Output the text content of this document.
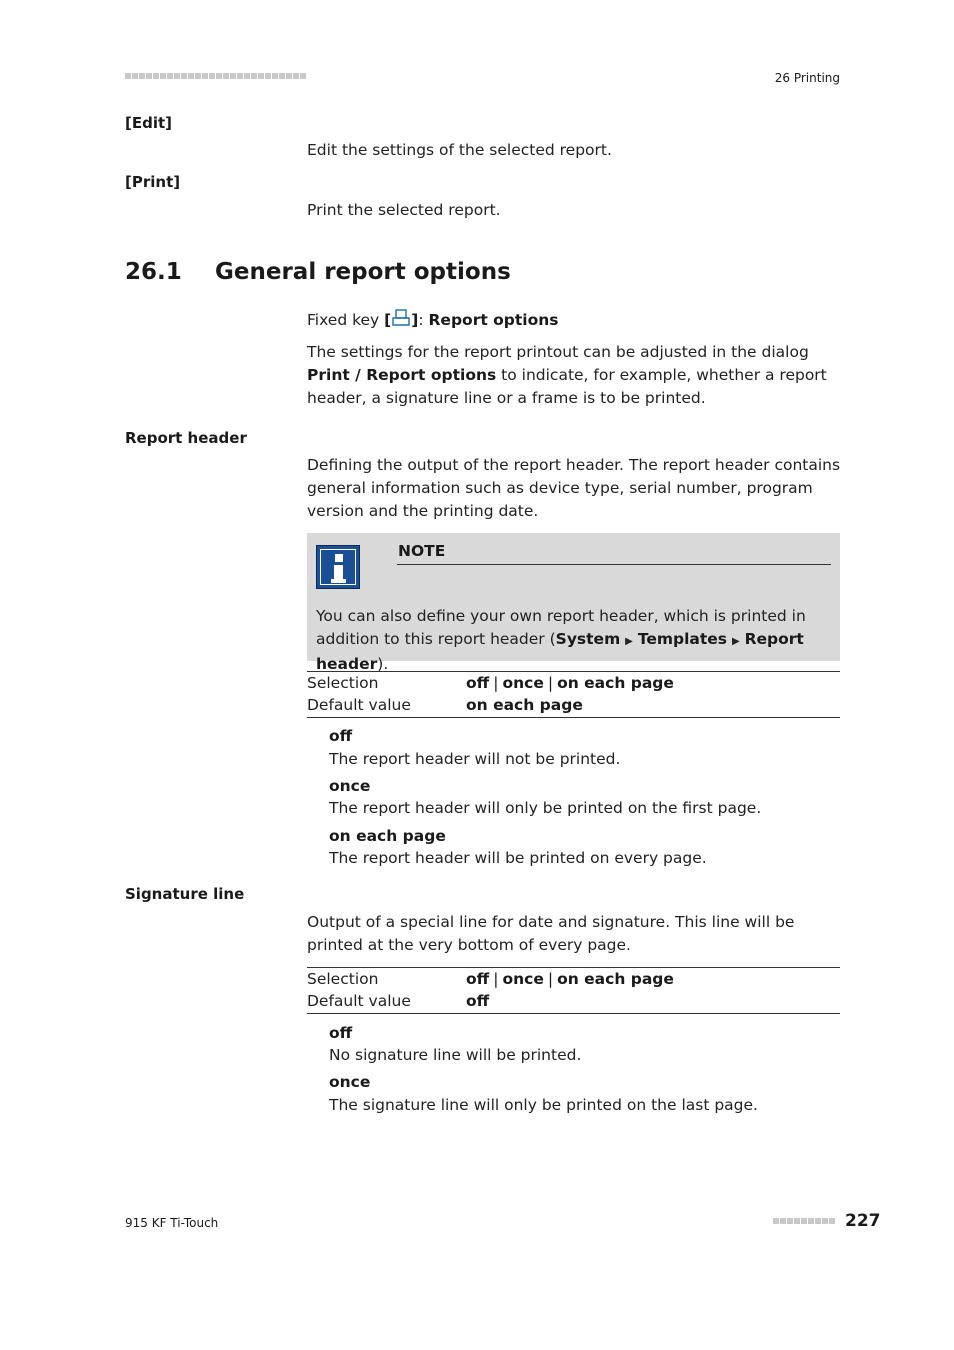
26 Printing
[Edit]
Edit the settings of the selected report.
[Print]
Print the selected report.
26.1 General report options
Fixed key [ ]: Report options
The settings for the report printout can be adjusted in the dialog Print / Report options to indicate, for example, whether a report header, a signature line or a frame is to be printed.
Report header
Defining the output of the report header. The report header contains general information such as device type, serial number, program version and the printing date.
NOTE
You can also define your own report header, which is printed in addition to this report header (System ▶ Templates ▶ Report header).
Selection	off | once | on each page
Default value	on each page
off
The report header will not be printed.
once
The report header will only be printed on the first page.
on each page
The report header will be printed on every page.
Signature line
Output of a special line for date and signature. This line will be printed at the very bottom of every page.
Selection	off | once | on each page
Default value	off
off
No signature line will be printed.
once
The signature line will only be printed on the last page.
915 KF Ti-Touch	227
